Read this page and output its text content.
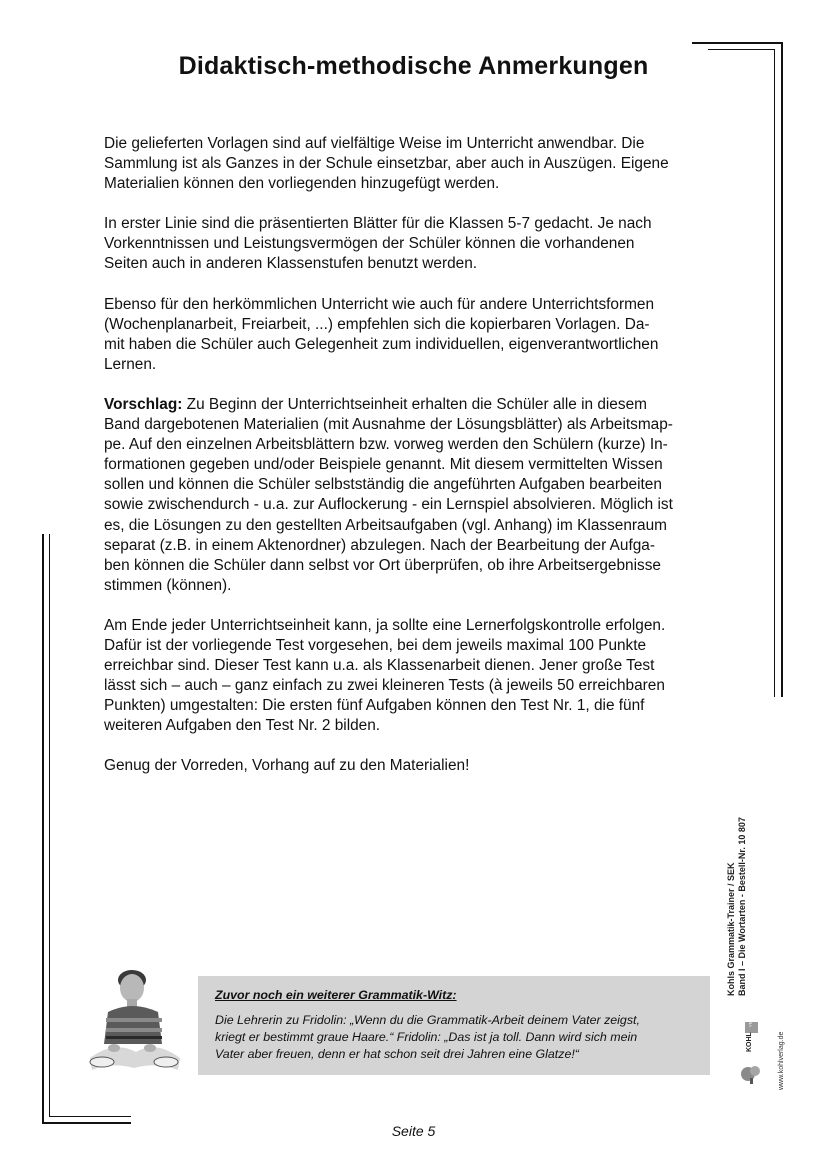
Didaktisch-methodische Anmerkungen

Die gelieferten Vorlagen sind auf vielfältige Weise im Unterricht anwendbar. Die
Sammlung ist als Ganzes in der Schule einsetzbar, aber auch in Auszügen. Eigene
Materialien können den vorliegenden hinzugefügt werden.

In erster Linie sind die präsentierten Blätter für die Klassen 5-7 gedacht. Je nach
Vorkenntnissen und Leistungsvermögen der Schüler können die vorhandenen
Seiten auch in anderen Klassenstufen benutzt werden.

Ebenso für den herkömmlichen Unterricht wie auch für andere Unterrichtsformen
(Wochenplanarbeit, Freiarbeit, ...) empfehlen sich die kopierbaren Vorlagen. Da-
mit haben die Schüler auch Gelegenheit zum individuellen, eigenverantwortlichen
Lernen.

Vorschlag: Zu Beginn der Unterrichtseinheit erhalten die Schüler alle in diesem
Band dargebotenen Materialien (mit Ausnahme der Lösungsblätter) als Arbeitsmap-
pe. Auf den einzelnen Arbeitsblättern bzw. vorweg werden den Schülern (kurze) In-
formationen gegeben und/oder Beispiele genannt. Mit diesem vermittelten Wissen
sollen und können die Schüler selbstständig die angeführten Aufgaben bearbeiten
sowie zwischendurch - u.a. zur Auflockerung - ein Lernspiel absolvieren. Möglich ist
es, die Lösungen zu den gestellten Arbeitsaufgaben (vgl. Anhang) im Klassenraum
separat (z.B. in einem Aktenordner) abzulegen. Nach der Bearbeitung der Aufga-
ben können die Schüler dann selbst vor Ort überprüfen, ob ihre Arbeitsergebnisse
stimmen (können).

Am Ende jeder Unterrichtseinheit kann, ja sollte eine Lernerfolgskontrolle erfolgen.
Dafür ist der vorliegende Test vorgesehen, bei dem jeweils maximal 100 Punkte
erreichbar sind. Dieser Test kann u.a. als Klassenarbeit dienen. Jener große Test
lässt sich – auch – ganz einfach zu zwei kleineren Tests (à jeweils 50 erreichbaren
Punkten) umgestalten: Die ersten fünf Aufgaben können den Test Nr. 1, die fünf
weiteren Aufgaben den Test Nr. 2 bilden.

Genug der Vorreden, Vorhang auf zu den Materialien!

Zuvor noch ein weiterer Grammatik-Witz:
Die Lehrerin zu Fridolin: „Wenn du die Grammatik-Arbeit deinem Vater zeigst,
kriegt er bestimmt graue Haare.“ Fridolin: „Das ist ja toll. Dann wird sich mein
Vater aber freuen, denn er hat schon seit drei Jahren eine Glatze!“
Kohls Grammatik-Trainer / SEK Band I – Die Wortarten - Bestell-Nr. 10 807
VERLAG
KOHL	www.kohlverlag.de
Seite 5
